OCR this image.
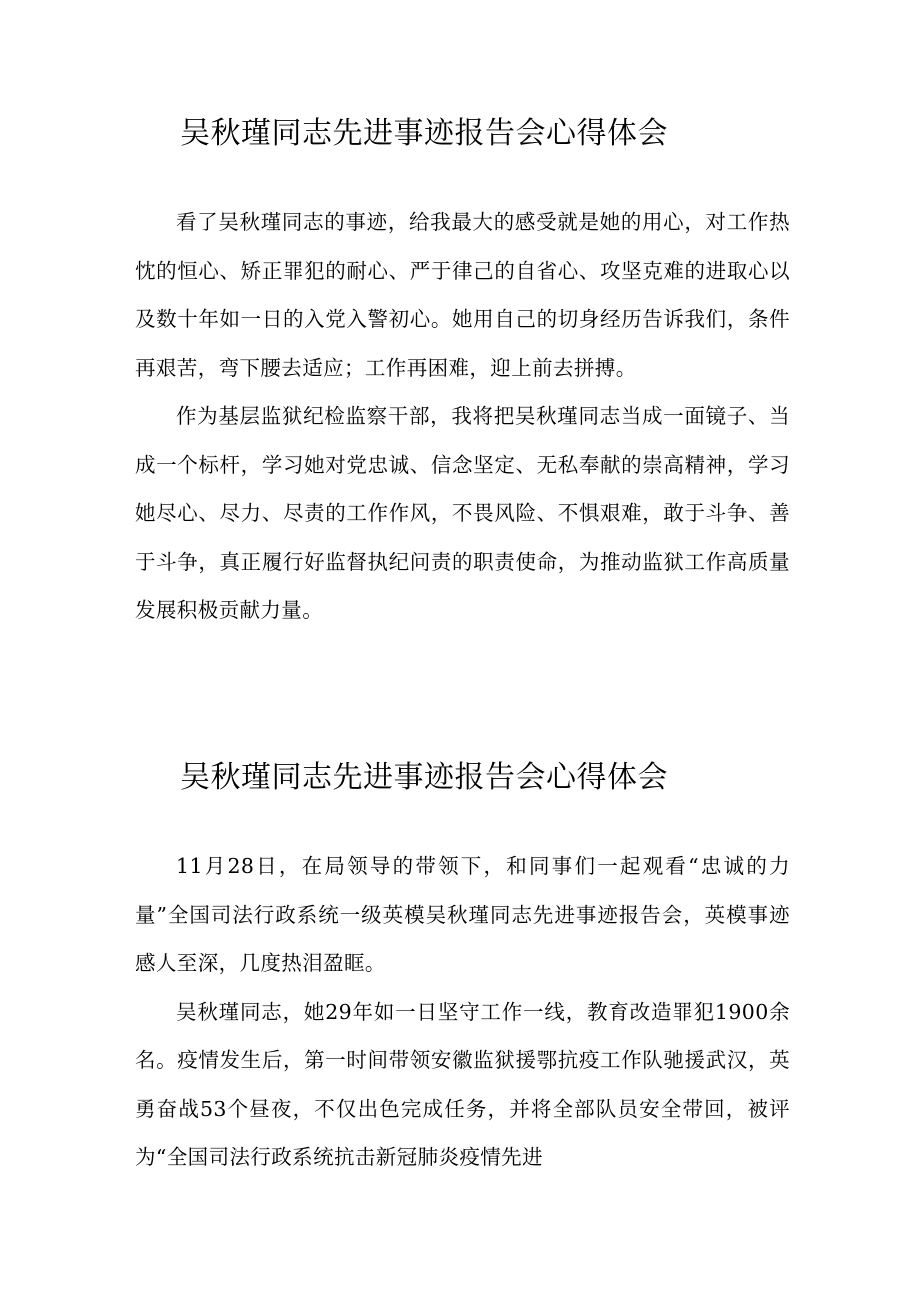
吴秋瑾同志先进事迹报告会心得体会

看了吴秋瑾同志的事迹，给我最大的感受就是她的用心，对工作热忱的恒心、矫正罪犯的耐心、严于律己的自省心、攻坚克难的进取心以及数十年如一日的入党入警初心。她用自己的切身经历告诉我们，条件再艰苦，弯下腰去适应；工作再困难，迎上前去拼搏。

作为基层监狱纪检监察干部，我将把吴秋瑾同志当成一面镜子、当成一个标杆，学习她对党忠诚、信念坚定、无私奉献的崇高精神，学习她尽心、尽力、尽责的工作作风，不畏风险、不惧艰难，敢于斗争、善于斗争，真正履行好监督执纪问责的职责使命，为推动监狱工作高质量发展积极贡献力量。

吴秋瑾同志先进事迹报告会心得体会

11月28日，在局领导的带领下，和同事们一起观看“忠诚的力量”全国司法行政系统一级英模吴秋瑾同志先进事迹报告会，英模事迹感人至深，几度热泪盈眶。

吴秋瑾同志，她29年如一日坚守工作一线，教育改造罪犯1900余名。疫情发生后，第一时间带领安徽监狱援鄂抗疫工作队驰援武汉，英勇奋战53个昼夜，不仅出色完成任务，并将全部队员安全带回，被评为“全国司法行政系统抗击新冠肺炎疫情先进
